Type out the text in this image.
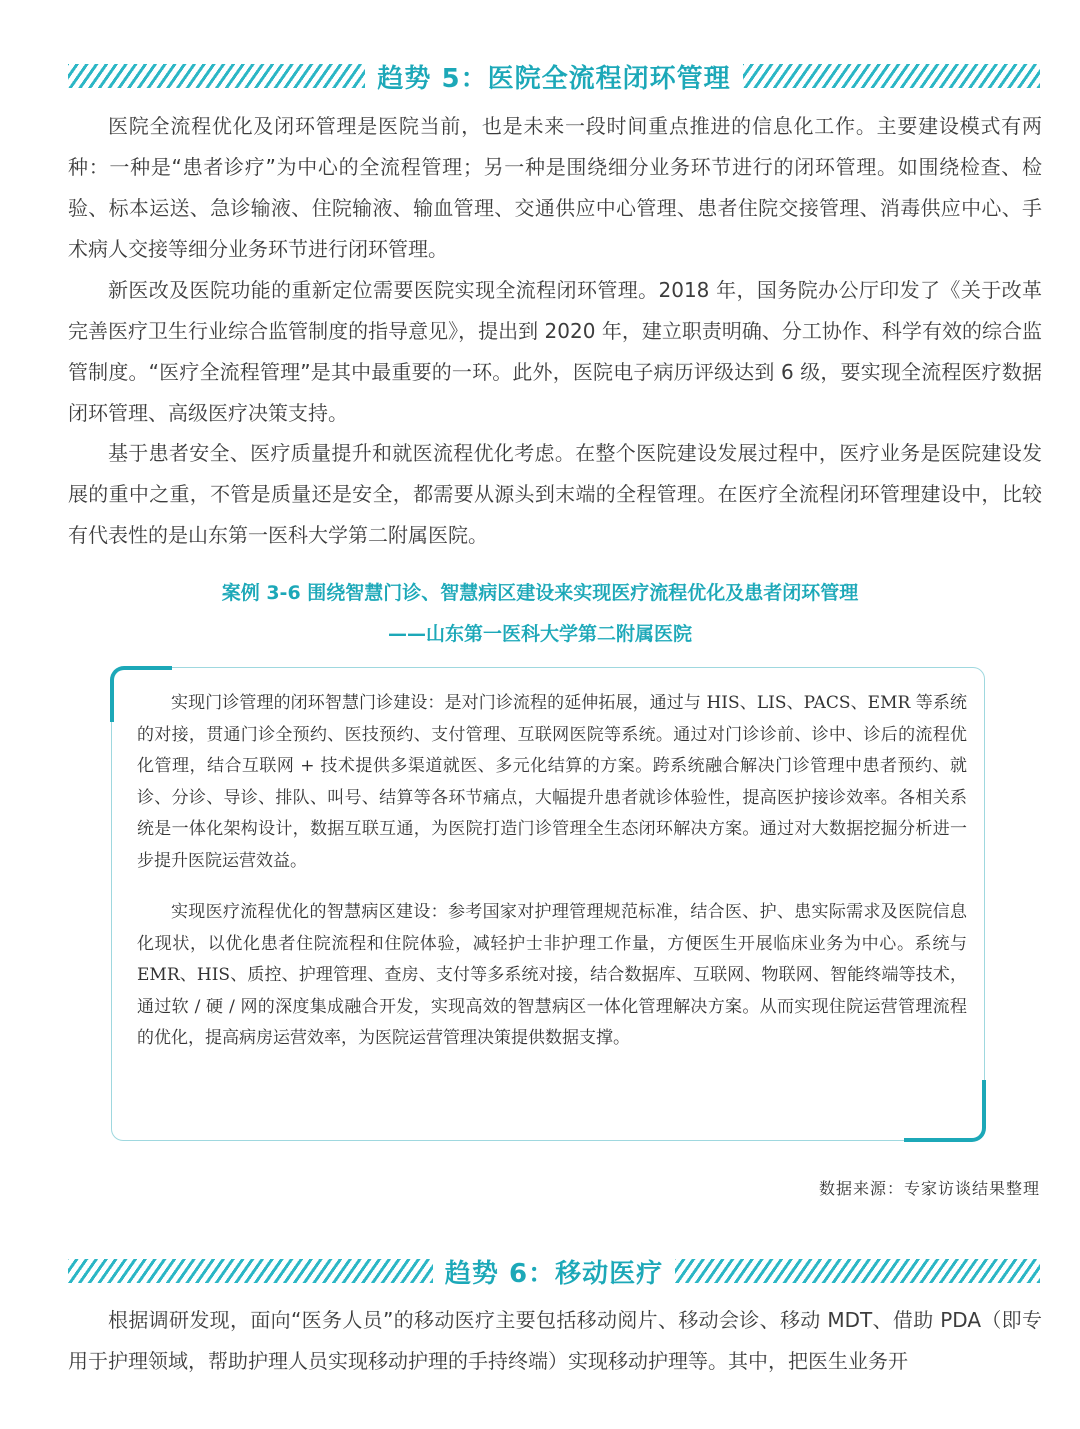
趋势 5：医院全流程闭环管理

医院全流程优化及闭环管理是医院当前，也是未来一段时间重点推进的信息化工作。主要建设模式有两种：一种是“患者诊疗”为中心的全流程管理；另一种是围绕细分业务环节进行的闭环管理。如围绕检查、检验、标本运送、急诊输液、住院输液、输血管理、交通供应中心管理、患者住院交接管理、消毒供应中心、手术病人交接等细分业务环节进行闭环管理。

新医改及医院功能的重新定位需要医院实现全流程闭环管理。2018 年，国务院办公厅印发了《关于改革完善医疗卫生行业综合监管制度的指导意见》，提出到 2020 年，建立职责明确、分工协作、科学有效的综合监管制度。“医疗全流程管理”是其中最重要的一环。此外，医院电子病历评级达到 6 级，要实现全流程医疗数据闭环管理、高级医疗决策支持。

基于患者安全、医疗质量提升和就医流程优化考虑。在整个医院建设发展过程中，医疗业务是医院建设发展的重中之重，不管是质量还是安全，都需要从源头到末端的全程管理。在医疗全流程闭环管理建设中，比较有代表性的是山东第一医科大学第二附属医院。

案例 3-6 围绕智慧门诊、智慧病区建设来实现医疗流程优化及患者闭环管理

——山东第一医科大学第二附属医院

实现门诊管理的闭环智慧门诊建设：是对门诊流程的延伸拓展，通过与 HIS、LIS、PACS、EMR 等系统的对接，贯通门诊全预约、医技预约、支付管理、互联网医院等系统。通过对门诊诊前、诊中、诊后的流程优化管理，结合互联网 + 技术提供多渠道就医、多元化结算的方案。跨系统融合解决门诊管理中患者预约、就诊、分诊、导诊、排队、叫号、结算等各环节痛点，大幅提升患者就诊体验性，提高医护接诊效率。各相关系统是一体化架构设计，数据互联互通，为医院打造门诊管理全生态闭环解决方案。通过对大数据挖掘分析进一步提升医院运营效益。

实现医疗流程优化的智慧病区建设：参考国家对护理管理规范标准，结合医、护、患实际需求及医院信息化现状，以优化患者住院流程和住院体验，减轻护士非护理工作量，方便医生开展临床业务为中心。系统与 EMR、HIS、质控、护理管理、查房、支付等多系统对接，结合数据库、互联网、物联网、智能终端等技术，通过软 / 硬 / 网的深度集成融合开发，实现高效的智慧病区一体化管理解决方案。从而实现住院运营管理流程的优化，提高病房运营效率，为医院运营管理决策提供数据支撑。

数据来源：专家访谈结果整理

趋势 6：移动医疗

根据调研发现，面向“医务人员”的移动医疗主要包括移动阅片、移动会诊、移动 MDT、借助 PDA（即专用于护理领域，帮助护理人员实现移动护理的手持终端）实现移动护理等。其中，把医生业务开
